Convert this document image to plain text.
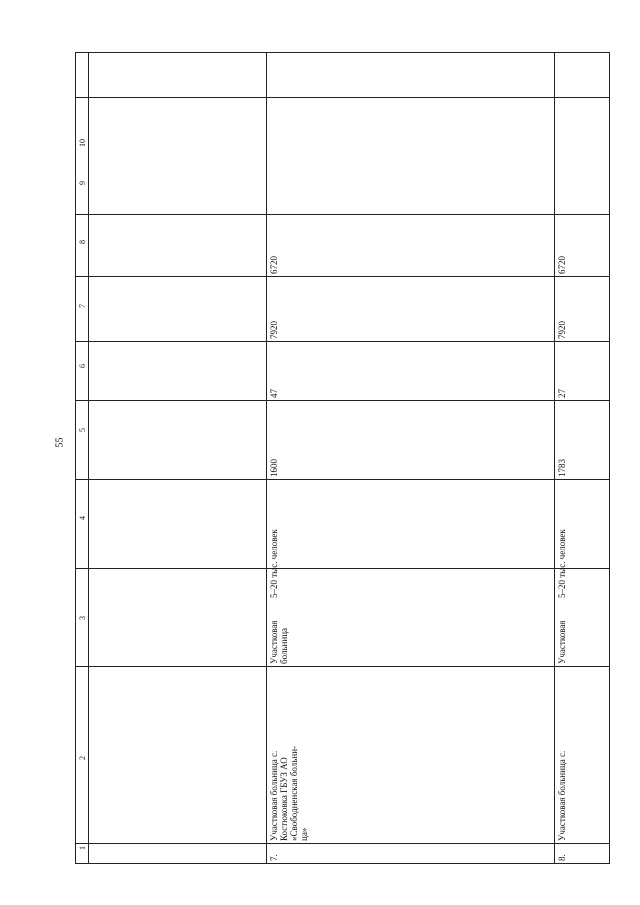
55
1
2
3
4
5
6
7
8
9
10
7.
Участковая больница с.
Костюковка ГБУЗ АО
«Свободненская больни-
ца»
Участковая
больница
5–20 тыс. человек
1600
47
7920
6720
8.
Участковая больница с.
Участковая
5–20 тыс. человек
1783
27
7920
6720
